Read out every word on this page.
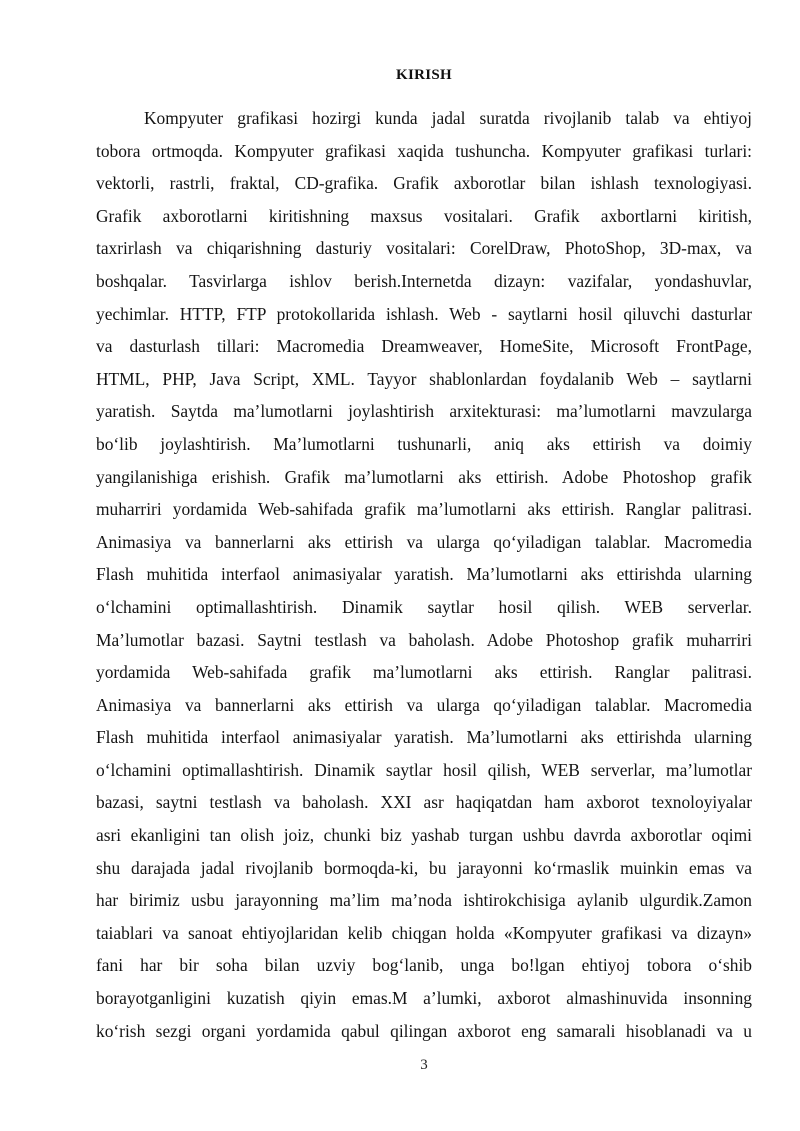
KIRISH
Kompyuter grafikasi hozirgi kunda jadal suratda rivojlanib talab va ehtiyoj
tobora ortmoqda. Kompyuter grafikasi xaqida tushuncha. Kompyuter grafikasi turlari:
vektorli, rastrli, fraktal, CD-grafika. Grafik axborotlar bilan ishlash texnologiyasi.
Grafik axborotlarni kiritishning maxsus vositalari. Grafik axbortlarni kiritish,
taxrirlash va chiqarishning dasturiy vositalari: CorelDraw, PhotoShop, 3D-max, va
boshqalar. Tasvirlarga ishlov berish.Internetda dizayn: vazifalar, yondashuvlar,
yechimlar. HTTP, FTP protokollarida ishlash. Web - saytlarni hosil qiluvchi dasturlar
va dasturlash tillari: Macromedia Dreamweaver, HomeSite, Microsoft FrontPage,
HTML, PHP, Java Script, XML. Tayyor shablonlardan foydalanib Web – saytlarni
yaratish. Saytda ma’lumotlarni joylashtirish arxitekturasi: ma’lumotlarni mavzularga
bo‘lib joylashtirish. Ma’lumotlarni tushunarli, aniq aks ettirish va doimiy
yangilanishiga erishish. Grafik ma’lumotlarni aks ettirish. Adobe Photoshop grafik
muharriri yordamida Web-sahifada grafik ma’lumotlarni aks ettirish. Ranglar palitrasi.
Animasiya va bannerlarni aks ettirish va ularga qo‘yiladigan talablar. Macromedia
Flash muhitida interfaol animasiyalar yaratish. Ma’lumotlarni aks ettirishda ularning
o‘lchamini optimallashtirish. Dinamik saytlar hosil qilish. WEB serverlar.
Ma’lumotlar bazasi. Saytni testlash va baholash. Adobe Photoshop grafik muharriri
yordamida Web-sahifada grafik ma’lumotlarni aks ettirish. Ranglar palitrasi.
Animasiya va bannerlarni aks ettirish va ularga qo‘yiladigan talablar. Macromedia
Flash muhitida interfaol animasiyalar yaratish. Ma’lumotlarni aks ettirishda ularning
o‘lchamini optimallashtirish. Dinamik saytlar hosil qilish, WEB serverlar, ma’lumotlar
bazasi, saytni testlash va baholash. XXI asr haqiqatdan ham axborot texnoloyiyalar
asri ekanligini tan olish joiz, chunki biz yashab turgan ushbu davrda axborotlar oqimi
shu darajada jadal rivojlanib bormoqda-ki, bu jarayonni ko‘rmaslik muinkin emas va
har birimiz usbu jarayonning ma’lim ma’noda ishtirokchisiga aylanib ulgurdik.Zamon
taiablari va sanoat ehtiyojlaridan kelib chiqgan holda «Kompyuter grafikasi va dizayn»
fani har bir soha bilan uzviy bog‘lanib, unga bo!lgan ehtiyoj tobora o‘shib
borayotganligini kuzatish qiyin emas.M a’lumki, axborot almashinuvida insonning
ko‘rish sezgi organi yordamida qabul qilingan axborot eng samarali hisoblanadi va u
3
